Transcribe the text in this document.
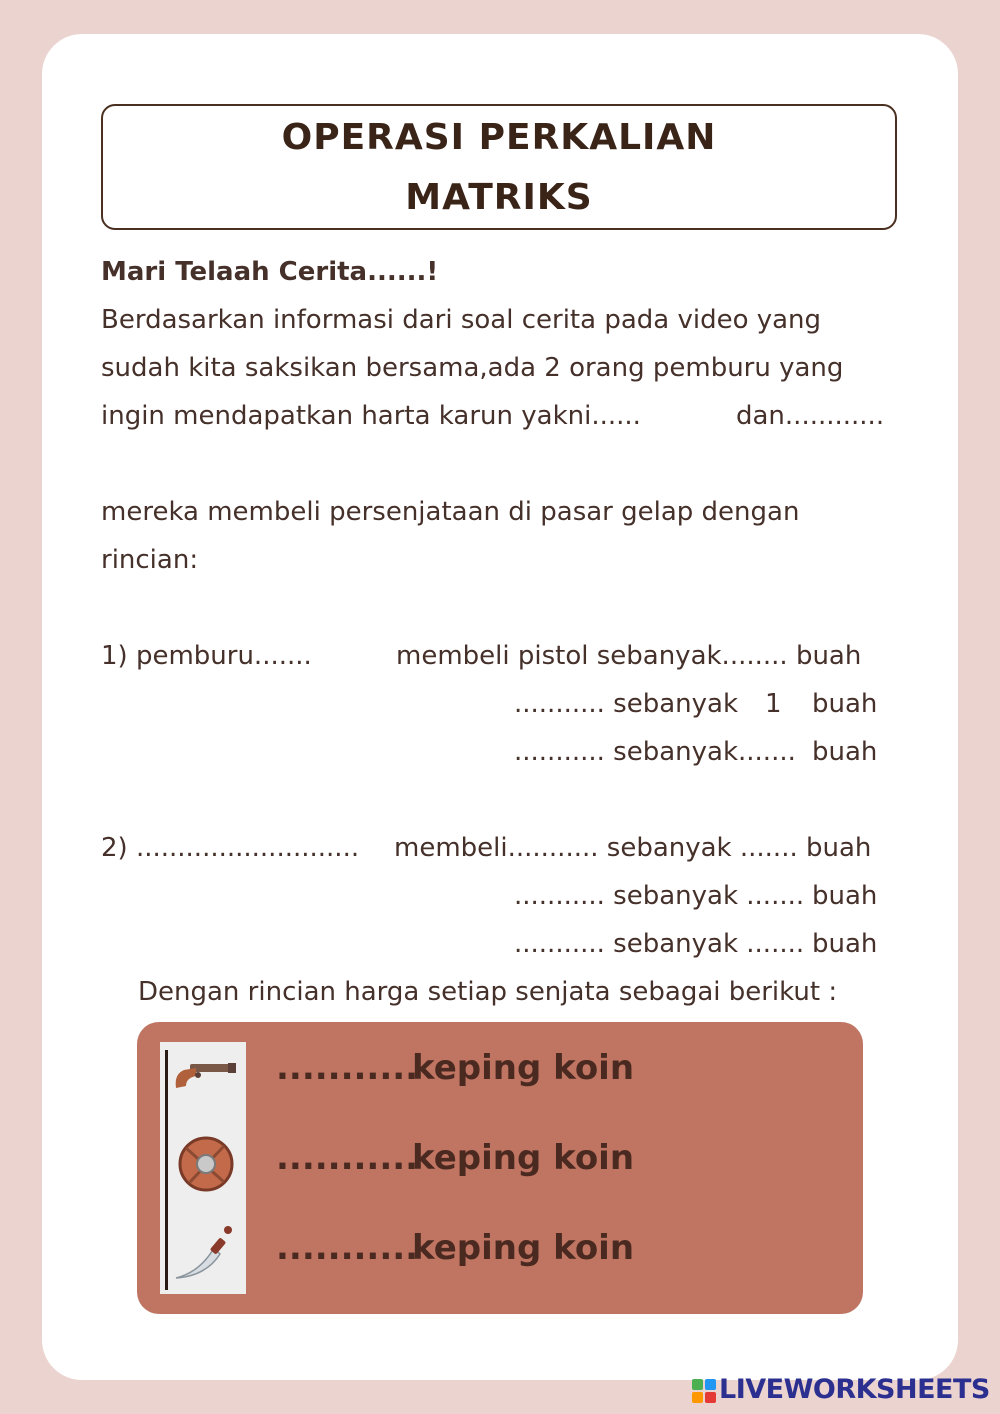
OPERASI PERKALIAN
MATRIKS
Mari Telaah Cerita......!
Berdasarkan informasi dari soal cerita pada video yang
sudah kita saksikan bersama,ada 2 orang pemburu yang
ingin mendapatkan harta karun yakni......	dan............
mereka membeli persenjataan di pasar gelap dengan
rincian:
1) pemburu.......	membeli pistol sebanyak........ buah
........... sebanyak 1 buah
........... sebanyak....... buah
2) ........................... membeli........... sebanyak ....... buah
........... sebanyak ....... buah
........... sebanyak ....... buah
Dengan rincian harga setiap senjata sebagai berikut :
...........keping koin
...........keping koin
...........keping koin
LIVEWORKSHEETS
